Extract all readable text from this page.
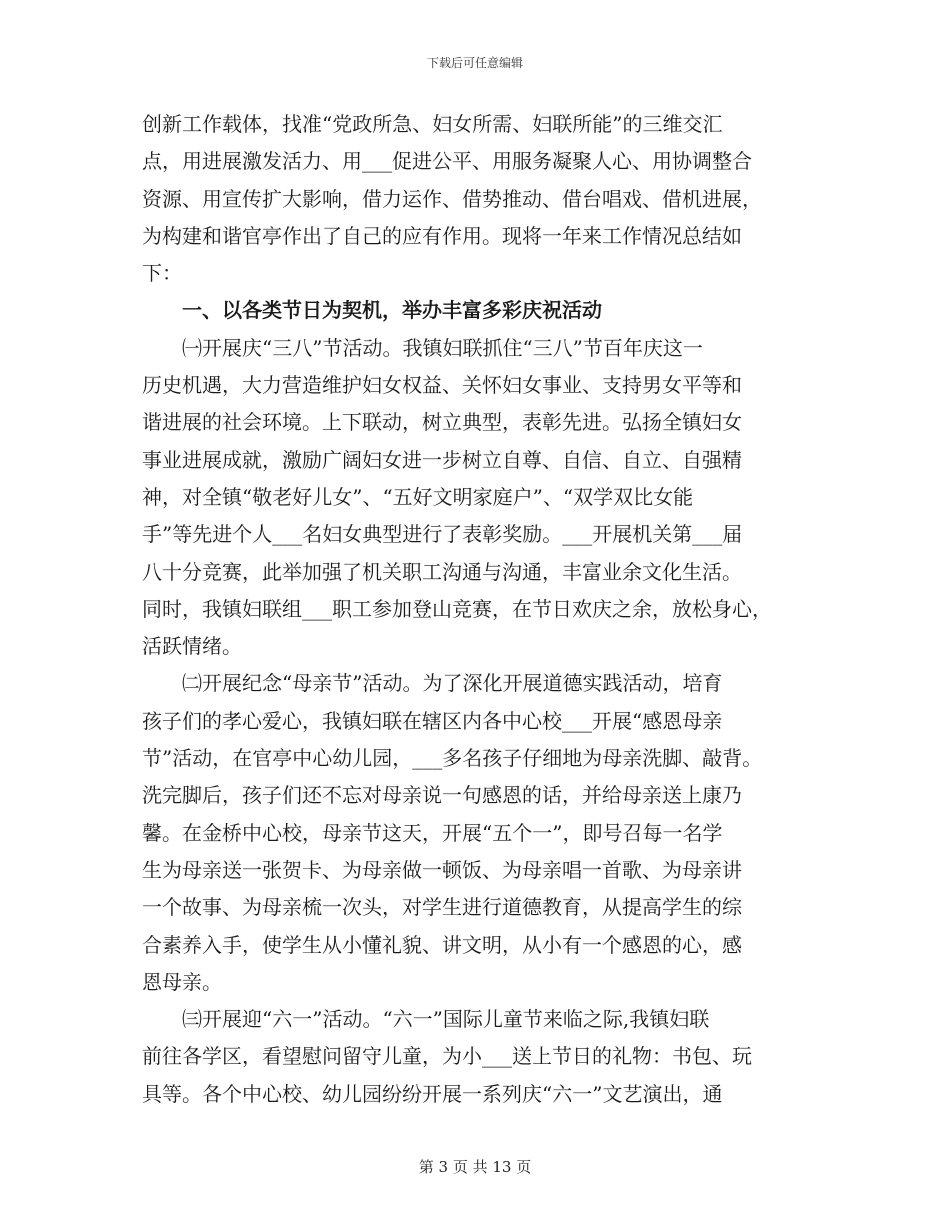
下载后可任意编辑
创新工作载体，找准“党政所急、妇女所需、妇联所能”的三维交汇
点，用进展激发活力、用___促进公平、用服务凝聚人心、用协调整合
资源、用宣传扩大影响，借力运作、借势推动、借台唱戏、借机进展，
为构建和谐官亭作出了自己的应有作用。现将一年来工作情况总结如
下：
一、以各类节日为契机，举办丰富多彩庆祝活动
㈠开展庆“三八”节活动。我镇妇联抓住“三八”节百年庆这一
历史机遇，大力营造维护妇女权益、关怀妇女事业、支持男女平等和
谐进展的社会环境。上下联动，树立典型，表彰先进。弘扬全镇妇女
事业进展成就，激励广阔妇女进一步树立自尊、自信、自立、自强精
神，对全镇“敬老好儿女”、“五好文明家庭户”、“双学双比女能
手”等先进个人___名妇女典型进行了表彰奖励。___开展机关第___届
八十分竞赛，此举加强了机关职工沟通与沟通，丰富业余文化生活。
同时，我镇妇联组___职工参加登山竞赛，在节日欢庆之余，放松身心，
活跃情绪。
㈡开展纪念“母亲节”活动。为了深化开展道德实践活动，培育
孩子们的孝心爱心，我镇妇联在辖区内各中心校___开展“感恩母亲
节”活动，在官亭中心幼儿园，___多名孩子仔细地为母亲洗脚、敲背。
洗完脚后，孩子们还不忘对母亲说一句感恩的话，并给母亲送上康乃
馨。在金桥中心校，母亲节这天，开展“五个一”，即号召每一名学
生为母亲送一张贺卡、为母亲做一顿饭、为母亲唱一首歌、为母亲讲
一个故事、为母亲梳一次头，对学生进行道德教育，从提高学生的综
合素养入手，使学生从小懂礼貌、讲文明，从小有一个感恩的心，感
恩母亲。
㈢开展迎“六一”活动。“六一”国际儿童节来临之际,我镇妇联
前往各学区，看望慰问留守儿童，为小___送上节日的礼物：书包、玩
具等。各个中心校、幼儿园纷纷开展一系列庆“六一”文艺演出，通
第 3 页 共 13 页
